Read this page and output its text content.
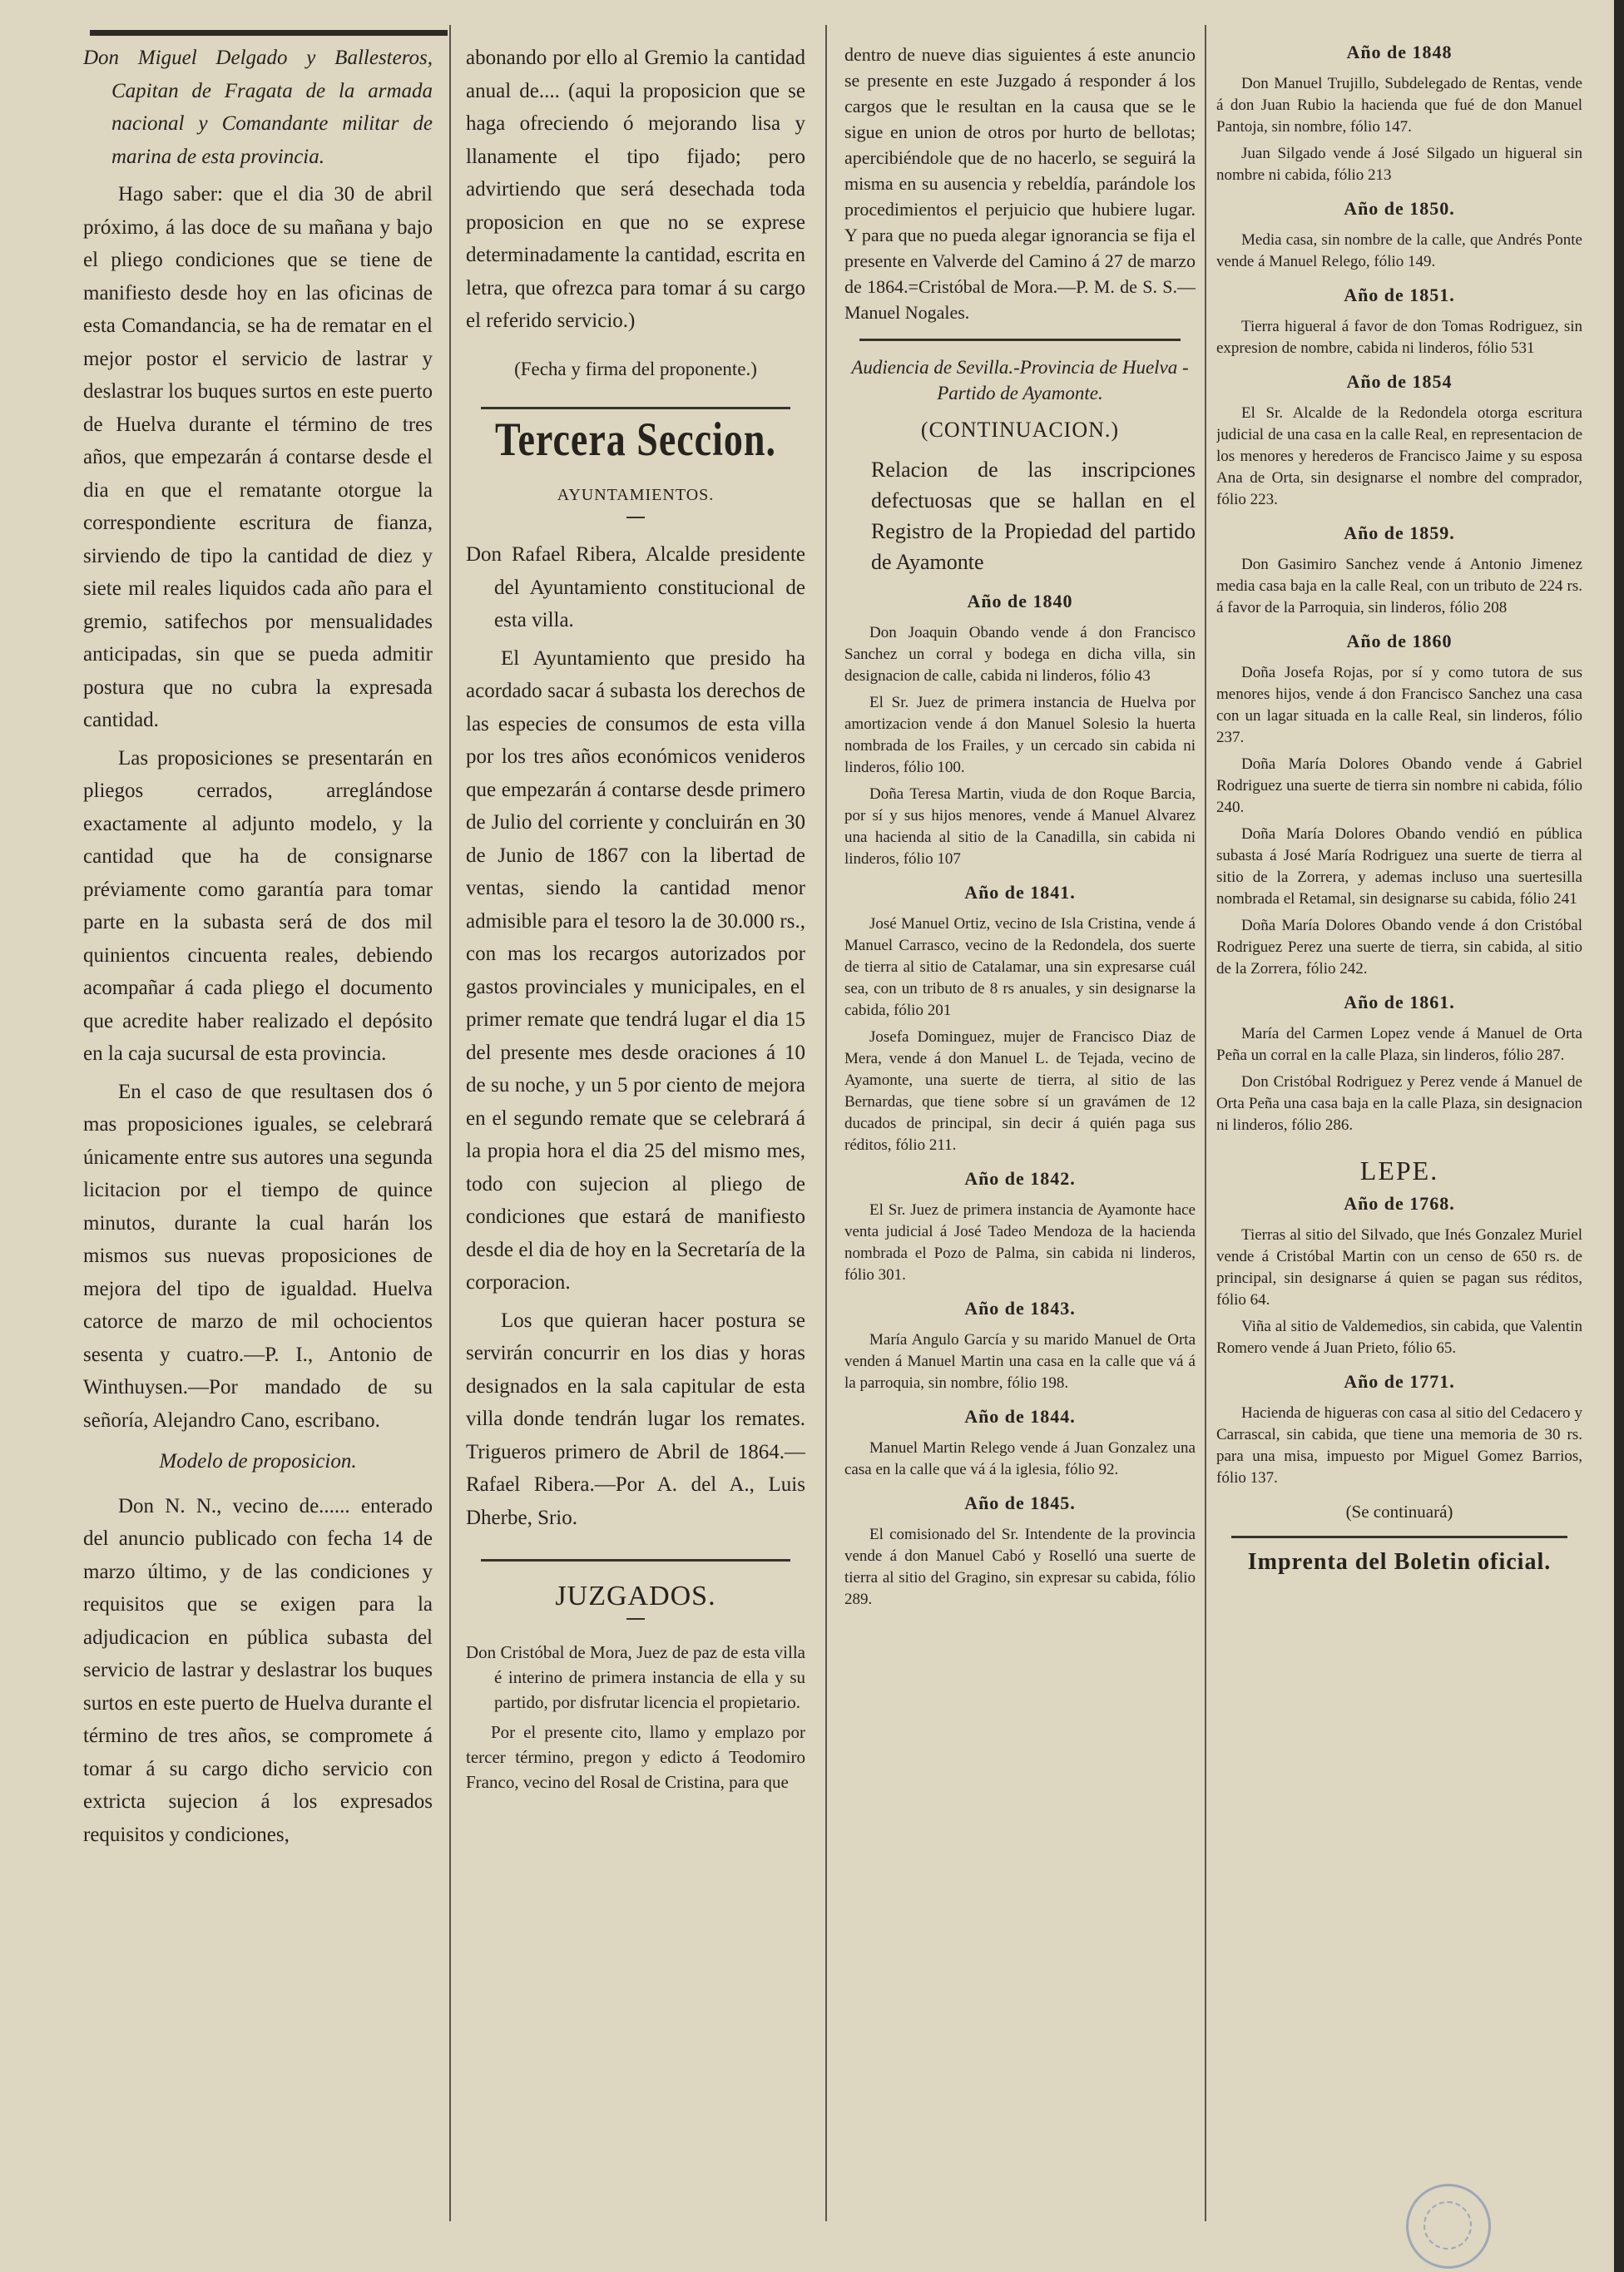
Don Miguel Delgado y Ballesteros, Capitan de Fragata de la armada nacional y Comandante militar de marina de esta provincia.

Hago saber: que el dia 30 de abril próximo, á las doce de su mañana y bajo el pliego condiciones que se tiene de manifiesto desde hoy en las oficinas de esta Comandancia, se ha de rematar en el mejor postor el servicio de lastrar y deslastrar los buques surtos en este puerto de Huelva durante el término de tres años, que empezarán á contarse desde el dia en que el rematante otorgue la correspondiente escritura de fianza, sirviendo de tipo la cantidad de diez y siete mil reales liquidos cada año para el gremio, satifechos por mensualidades anticipadas, sin que se pueda admitir postura que no cubra la expresada cantidad.

Las proposiciones se presentarán en pliegos cerrados, arreglándose exactamente al adjunto modelo, y la cantidad que ha de consignarse préviamente como garantía para tomar parte en la subasta será de dos mil quinientos cincuenta reales, debiendo acompañar á cada pliego el documento que acredite haber realizado el depósito en la caja sucursal de esta provincia.

En el caso de que resultasen dos ó mas proposiciones iguales, se celebrará únicamente entre sus autores una segunda licitacion por el tiempo de quince minutos, durante la cual harán los mismos sus nuevas proposiciones de mejora del tipo de igualdad. Huelva catorce de marzo de mil ochocientos sesenta y cuatro.—P. I., Antonio de Winthuysen.—Por mandado de su señoría, Alejandro Cano, escribano.

Modelo de proposicion.

Don N. N., vecino de...... enterado del anuncio publicado con fecha 14 de marzo último, y de las condiciones y requisitos que se exigen para la adjudicacion en pública subasta del servicio de lastrar y deslastrar los buques surtos en este puerto de Huelva durante el término de tres años, se compromete á tomar á su cargo dicho servicio con extricta sujecion á los expresados requisitos y condiciones,

abonando por ello al Gremio la cantidad anual de.... (aqui la proposicion que se haga ofreciendo ó mejorando lisa y llanamente el tipo fijado; pero advirtiendo que será desechada toda proposicion en que no se exprese determinadamente la cantidad, escrita en letra, que ofrezca para tomar á su cargo el referido servicio.)

(Fecha y firma del proponente.)
Tercera Seccion.
AYUNTAMIENTOS.

Don Rafael Ribera, Alcalde presidente del Ayuntamiento constitucional de esta villa.

El Ayuntamiento que presido ha acordado sacar á subasta los derechos de las especies de consumos de esta villa por los tres años económicos venideros que empezarán á contarse desde primero de Julio del corriente y concluirán en 30 de Junio de 1867 con la libertad de ventas, siendo la cantidad menor admisible para el tesoro la de 30.000 rs., con mas los recargos autorizados por gastos provinciales y municipales, en el primer remate que tendrá lugar el dia 15 del presente mes desde oraciones á 10 de su noche, y un 5 por ciento de mejora en el segundo remate que se celebrará á la propia hora el dia 25 del mismo mes, todo con sujecion al pliego de condiciones que estará de manifiesto desde el dia de hoy en la Secretaría de la corporacion.

Los que quieran hacer postura se servirán concurrir en los dias y horas designados en la sala capitular de esta villa donde tendrán lugar los remates. Trigueros primero de Abril de 1864.—Rafael Ribera.—Por A. del A., Luis Dherbe, Srio.

JUZGADOS.

Don Cristóbal de Mora, Juez de paz de esta villa é interino de primera instancia de ella y su partido, por disfrutar licencia el propietario.

Por el presente cito, llamo y emplazo por tercer término, pregon y edicto á Teodomiro Franco, vecino del Rosal de Cristina, para que

dentro de nueve dias siguientes á este anuncio se presente en este Juzgado á responder á los cargos que le resultan en la causa que se le sigue en union de otros por hurto de bellotas; apercibiéndole que de no hacerlo, se seguirá la misma en su ausencia y rebeldía, parándole los procedimientos el perjuicio que hubiere lugar. Y para que no pueda alegar ignorancia se fija el presente en Valverde del Camino á 27 de marzo de 1864.=Cristóbal de Mora.—P. M. de S. S.—Manuel Nogales.

Audiencia de Sevilla.-Provincia de Huelva -Partido de Ayamonte.
(CONTINUACION.)

Relacion de las inscripciones defectuosas que se hallan en el Registro de la Propiedad del partido de Ayamonte

Año de 1840

Don Joaquin Obando vende á don Francisco Sanchez un corral y bodega en dicha villa, sin designacion de calle, cabida ni linderos, fólio 43

El Sr. Juez de primera instancia de Huelva por amortizacion vende á don Manuel Solesio la huerta nombrada de los Frailes, y un cercado sin cabida ni linderos, fólio 100.

Doña Teresa Martin, viuda de don Roque Barcia, por sí y sus hijos menores, vende á Manuel Alvarez una hacienda al sitio de la Canadilla, sin cabida ni linderos, fólio 107

Año de 1841.

José Manuel Ortiz, vecino de Isla Cristina, vende á Manuel Carrasco, vecino de la Redondela, dos suerte de tierra al sitio de Catalamar, una sin expresarse cuál sea, con un tributo de 8 rs anuales, y sin designarse la cabida, fólio 201

Josefa Dominguez, mujer de Francisco Diaz de Mera, vende á don Manuel L. de Tejada, vecino de Ayamonte, una suerte de tierra, al sitio de las Bernardas, que tiene sobre sí un gravámen de 12 ducados de principal, sin decir á quién paga sus réditos, fólio 211.

Año de 1842.

El Sr. Juez de primera instancia de Ayamonte hace venta judicial á José Tadeo Mendoza de la hacienda nombrada el Pozo de Palma, sin cabida ni linderos, fólio 301.

Año de 1843.

María Angulo García y su marido Manuel de Orta venden á Manuel Martin una casa en la calle que vá á la parroquia, sin nombre, fólio 198.

Año de 1844.

Manuel Martin Relego vende á Juan Gonzalez una casa en la calle que vá á la iglesia, fólio 92.

Año de 1845.

El comisionado del Sr. Intendente de la provincia vende á don Manuel Cabó y Roselló una suerte de tierra al sitio del Gragino, sin expresar su cabida, fólio 289.

Año de 1848

Don Manuel Trujillo, Subdelegado de Rentas, vende á don Juan Rubio la hacienda que fué de don Manuel Pantoja, sin nombre, fólio 147.

Juan Silgado vende á José Silgado un higueral sin nombre ni cabida, fólio 213

Año de 1850.

Media casa, sin nombre de la calle, que Andrés Ponte vende á Manuel Relego, fólio 149.

Año de 1851.

Tierra higueral á favor de don Tomas Rodriguez, sin expresion de nombre, cabida ni linderos, fólio 531

Año de 1854

El Sr. Alcalde de la Redondela otorga escritura judicial de una casa en la calle Real, en representacion de los menores y herederos de Francisco Jaime y su esposa Ana de Orta, sin designarse el nombre del comprador, fólio 223.

Año de 1859.

Don Gasimiro Sanchez vende á Antonio Jimenez media casa baja en la calle Real, con un tributo de 224 rs. á favor de la Parroquia, sin linderos, fólio 208

Año de 1860

Doña Josefa Rojas, por sí y como tutora de sus menores hijos, vende á don Francisco Sanchez una casa con un lagar situada en la calle Real, sin linderos, fólio 237.

Doña María Dolores Obando vende á Gabriel Rodriguez una suerte de tierra sin nombre ni cabida, fólio 240.

Doña María Dolores Obando vendió en pública subasta á José María Rodriguez una suerte de tierra al sitio de la Zorrera, y ademas incluso una suertesilla nombrada el Retamal, sin designarse su cabida, fólio 241

Doña María Dolores Obando vende á don Cristóbal Rodriguez Perez una suerte de tierra, sin cabida, al sitio de la Zorrera, fólio 242.

Año de 1861.

María del Carmen Lopez vende á Manuel de Orta Peña un corral en la calle Plaza, sin linderos, fólio 287.

Don Cristóbal Rodriguez y Perez vende á Manuel de Orta Peña una casa baja en la calle Plaza, sin designacion ni linderos, fólio 286.

LEPE.
Año de 1768.

Tierras al sitio del Silvado, que Inés Gonzalez Muriel vende á Cristóbal Martin con un censo de 650 rs. de principal, sin designarse á quien se pagan sus réditos, fólio 64.

Viña al sitio de Valdemedios, sin cabida, que Valentin Romero vende á Juan Prieto, fólio 65.

Año de 1771.

Hacienda de higueras con casa al sitio del Cedacero y Carrascal, sin cabida, que tiene una memoria de 30 rs. para una misa, impuesto por Miguel Gomez Barrios, fólio 137.

(Se continuará)
Imprenta del Boletin oficial.
